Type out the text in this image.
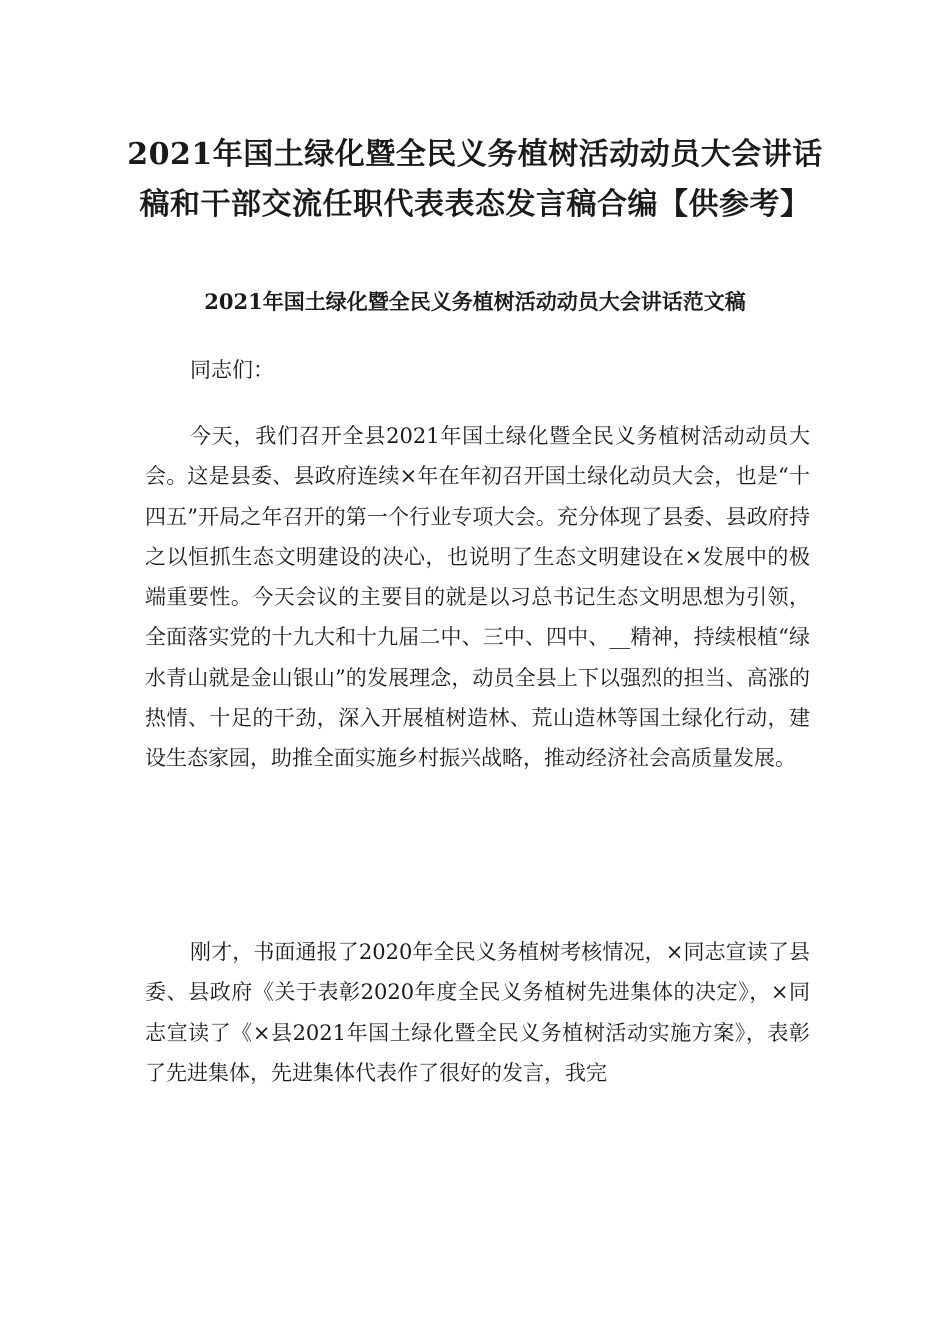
2021年国土绿化暨全民义务植树活动动员大会讲话稿和干部交流任职代表表态发言稿合编【供参考】
2021年国土绿化暨全民义务植树活动动员大会讲话范文稿
同志们：

今天，我们召开全县2021年国土绿化暨全民义务植树活动动员大会。这是县委、县政府连续×年在年初召开国土绿化动员大会，也是“十四五”开局之年召开的第一个行业专项大会。充分体现了县委、县政府持之以恒抓生态文明建设的决心，也说明了生态文明建设在×发展中的极端重要性。今天会议的主要目的就是以习总书记生态文明思想为引领，全面落实党的十九大和十九届二中、三中、四中、__精神，持续根植“绿水青山就是金山银山”的发展理念，动员全县上下以强烈的担当、高涨的热情、十足的干劲，深入开展植树造林、荒山造林等国土绿化行动，建设生态家园，助推全面实施乡村振兴战略，推动经济社会高质量发展。

刚才，书面通报了2020年全民义务植树考核情况，×同志宣读了县委、县政府《关于表彰2020年度全民义务植树先进集体的决定》，×同志宣读了《×县2021年国土绿化暨全民义务植树活动实施方案》，表彰了先进集体，先进集体代表作了很好的发言，我完
